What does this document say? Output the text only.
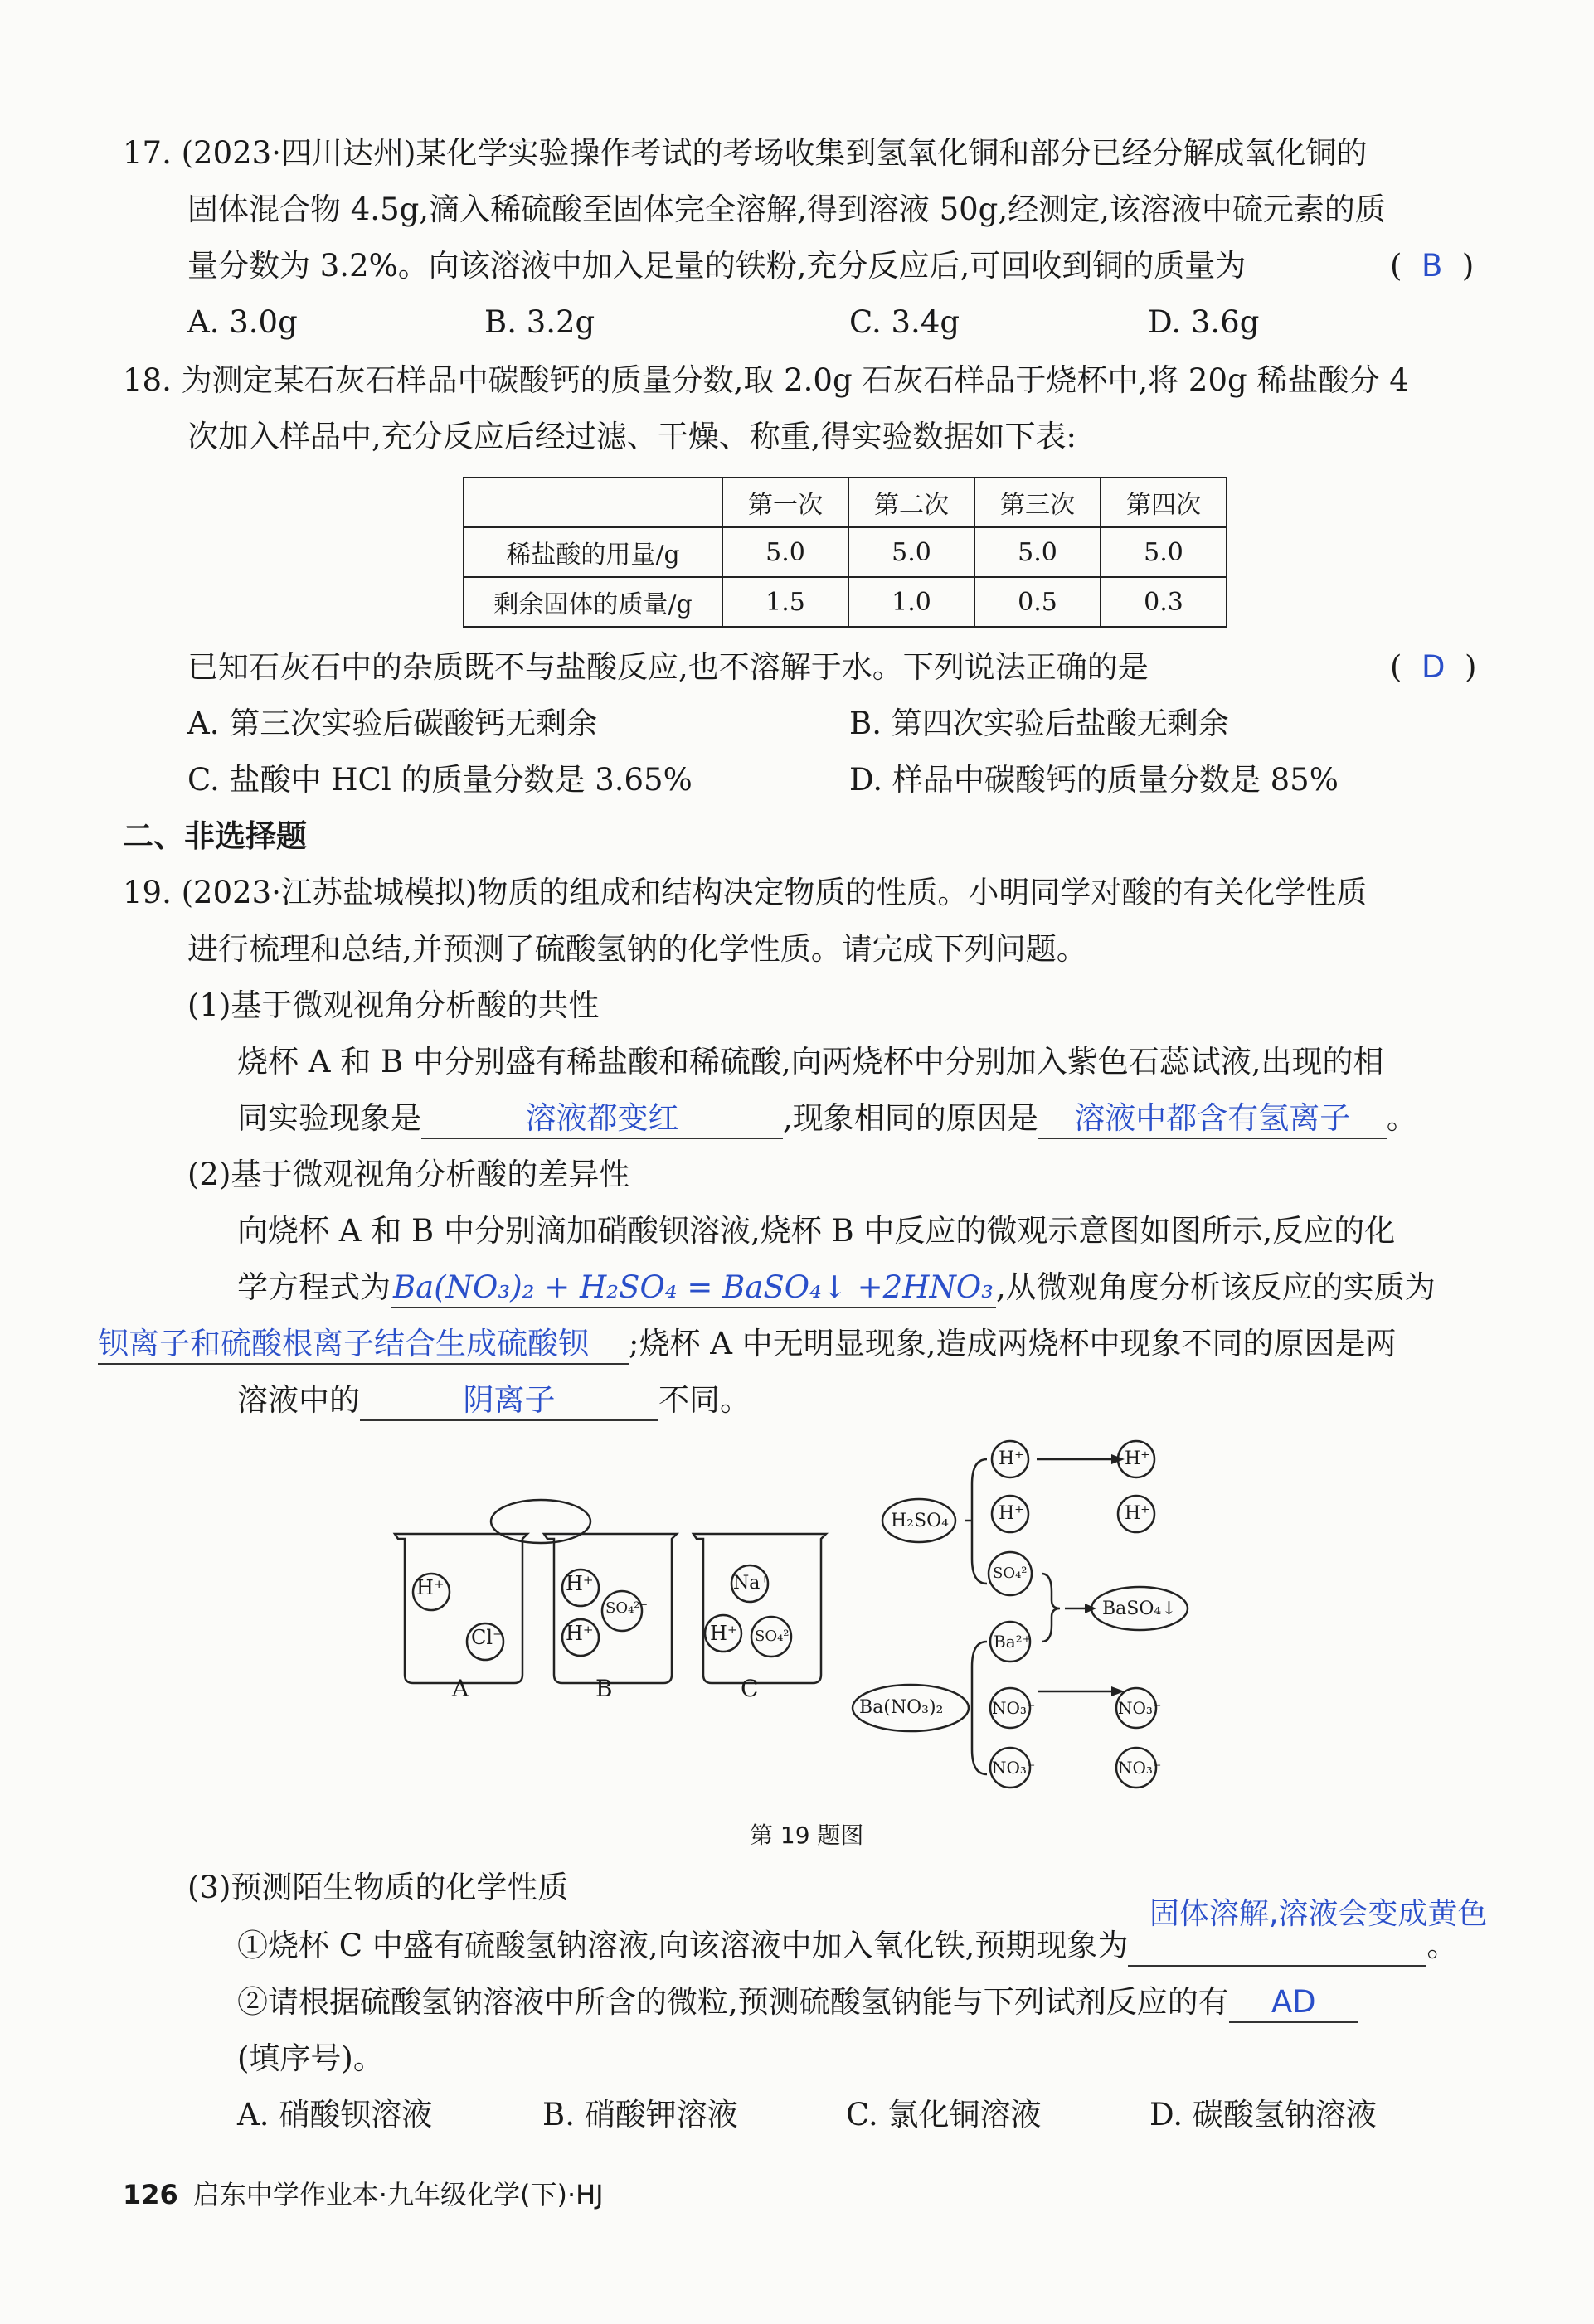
17. (2023·四川达州)某化学实验操作考试的考场收集到氢氧化铜和部分已经分解成氧化铜的
固体混合物 4.5g,滴入稀硫酸至固体完全溶解,得到溶液 50g,经测定,该溶液中硫元素的质
量分数为 3.2%。向该溶液中加入足量的铁粉,充分反应后,可回收到铜的质量为	(  B  )
A. 3.0g	B. 3.2g	C. 3.4g	D. 3.6g
18. 为测定某石灰石样品中碳酸钙的质量分数,取 2.0g 石灰石样品于烧杯中,将 20g 稀盐酸分 4
次加入样品中,充分反应后经过滤、干燥、称重,得实验数据如下表:
	第一次	第二次	第三次	第四次
稀盐酸的用量/g	5.0	5.0	5.0	5.0
剩余固体的质量/g	1.5	1.0	0.5	0.3
已知石灰石中的杂质既不与盐酸反应,也不溶解于水。下列说法正确的是	(  D  )
A. 第三次实验后碳酸钙无剩余	B. 第四次实验后盐酸无剩余
C. 盐酸中 HCl 的质量分数是 3.65%	D. 样品中碳酸钙的质量分数是 85%
二、非选择题
19. (2023·江苏盐城模拟)物质的组成和结构决定物质的性质。小明同学对酸的有关化学性质
进行梳理和总结,并预测了硫酸氢钠的化学性质。请完成下列问题。
(1)基于微观视角分析酸的共性
烧杯 A 和 B 中分别盛有稀盐酸和稀硫酸,向两烧杯中分别加入紫色石蕊试液,出现的相
同实验现象是	溶液都变红	,现象相同的原因是 溶液中都含有氢离子 。
(2)基于微观视角分析酸的差异性
向烧杯 A 和 B 中分别滴加硝酸钡溶液,烧杯 B 中反应的微观示意图如图所示,反应的化
学方程式为Ba(NO₃)₂ + H₂SO₄ = BaSO₄↓ +2HNO₃,从微观角度分析该反应的实质为
钡离子和硫酸根离子结合生成硫酸钡 ;烧杯 A 中无明显现象,造成两烧杯中现象不同的原因是两
溶液中的	阴离子	不同。
H⁺
Cl⁻
H⁺
SO₄²⁻
H⁺
Na⁺
H⁺ SO₄²⁻
A	B	C
H₂SO₄
H⁺
H⁺
H⁺
H⁺
SO₄²⁻
BaSO₄↓
Ba²⁺
Ba(NO₃)₂	NO₃⁻
NO₃⁻
NO₃⁻
NO₃⁻
第 19 题图
(3)预测陌生物质的化学性质
固体溶解,溶液会变成黄色
①烧杯 C 中盛有硫酸氢钠溶液,向该溶液中加入氧化铁,预期现象为	。
②请根据硫酸氢钠溶液中所含的微粒,预测硫酸氢钠能与下列试剂反应的有 AD
(填序号)。
A. 硝酸钡溶液	B. 硝酸钾溶液	C. 氯化铜溶液	D. 碳酸氢钠溶液
126 启东中学作业本·九年级化学(下)·HJ
